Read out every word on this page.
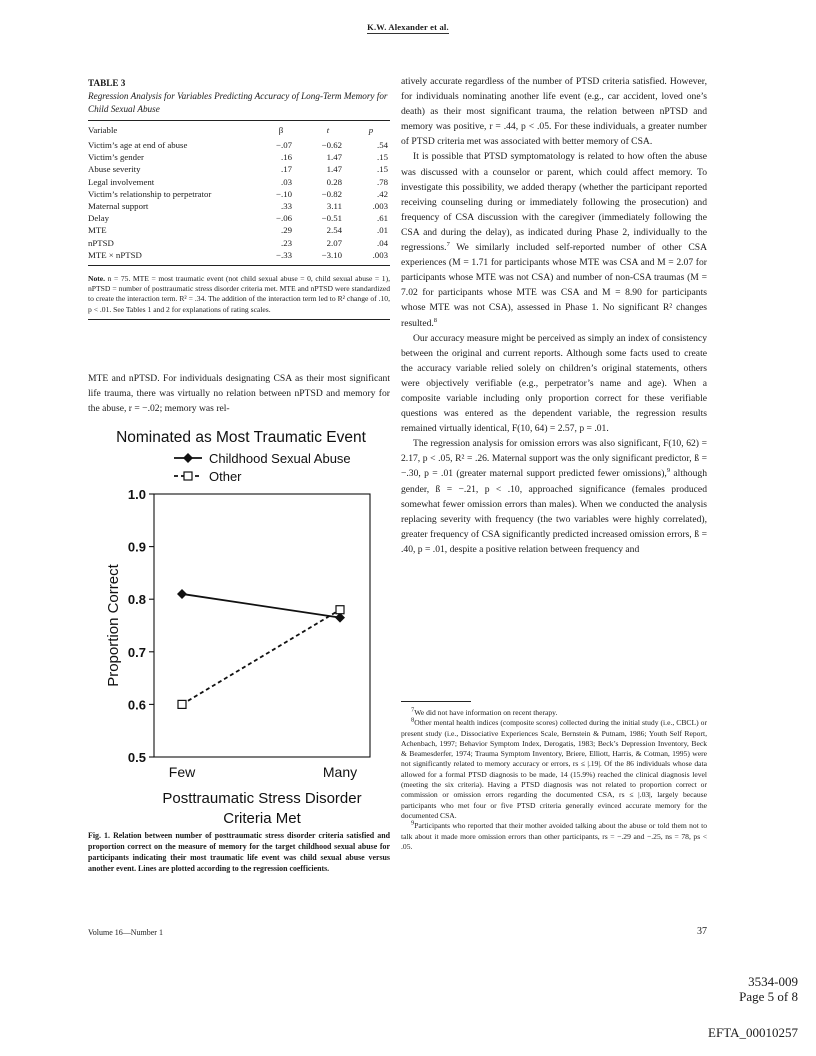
K.W. Alexander et al.
TABLE 3
Regression Analysis for Variables Predicting Accuracy of Long-Term Memory for Child Sexual Abuse
Variable	β	t	p
Victim’s age at end of abuse	−.07	−0.62	.54
Victim’s gender	.16	1.47	.15
Abuse severity	.17	1.47	.15
Legal involvement	.03	0.28	.78
Victim’s relationship to perpetrator	−.10	−0.82	.42
Maternal support	.33	3.11	.003
Delay	−.06	−0.51	.61
MTE	.29	2.54	.01
nPTSD	.23	2.07	.04
MTE × nPTSD	−.33	−3.10	.003
Note. n = 75. MTE = most traumatic event (not child sexual abuse = 0, child sexual abuse = 1), nPTSD = number of posttraumatic stress disorder criteria met. MTE and nPTSD were standardized to create the interaction term. R² = .34. The addition of the interaction term led to R² change of .10, p < .01. See Tables 1 and 2 for explanations of rating scales.
MTE and nPTSD. For individuals designating CSA as their most significant life trauma, there was virtually no relation between nPTSD and memory for the abuse, r = −.02; memory was rel-
Nominated as Most Traumatic Event
Childhood Sexual Abuse
Other
1.0
0.9
0.8
0.7
0.6
0.5
Few	Many
Proportion Correct
Posttraumatic Stress Disorder
Criteria Met
Fig. 1. Relation between number of posttraumatic stress disorder criteria satisfied and proportion correct on the measure of memory for the target childhood sexual abuse for participants indicating their most traumatic life event was child sexual abuse versus another event. Lines are plotted according to the regression coefficients.

atively accurate regardless of the number of PTSD criteria satisfied. However, for individuals nominating another life event (e.g., car accident, loved one’s death) as their most significant trauma, the relation between nPTSD and memory was positive, r = .44, p < .05. For these individuals, a greater number of PTSD criteria met was associated with better memory of CSA.

It is possible that PTSD symptomatology is related to how often the abuse was discussed with a counselor or parent, which could affect memory. To investigate this possibility, we added therapy (whether the participant reported receiving counseling during or immediately following the prosecution) and frequency of CSA discussion with the caregiver (immediately following the CSA and during the delay), as indicated during Phase 2, individually to the regressions.$^7$ We similarly included self-reported number of other CSA experiences (M = 1.71 for participants whose MTE was CSA and M = 2.07 for participants whose MTE was not CSA) and number of non-CSA traumas (M = 7.02 for participants whose MTE was CSA and M = 8.90 for participants whose MTE was not CSA), assessed in Phase 1. No significant R² changes resulted.$^8$

Our accuracy measure might be perceived as simply an index of consistency between the original and current reports. Although some facts used to create the accuracy variable relied solely on children’s original statements, others were objectively verifiable (e.g., perpetrator’s name and age). When a composite variable including only proportion correct for these verifiable questions was entered as the dependent variable, the regression results remained virtually identical, F(10, 64) = 2.57, p = .01.

The regression analysis for omission errors was also significant, F(10, 62) = 2.17, p < .05, R² = .26. Maternal support was the only significant predictor, ß = −.30, p = .01 (greater maternal support predicted fewer omissions),$^9$ although gender, ß = −.21, p < .10, approached significance (females produced somewhat fewer omission errors than males). When we conducted the analysis replacing severity with frequency (the two variables were highly correlated), greater frequency of CSA significantly predicted increased omission errors, ß = .40, p = .01, despite a positive relation between frequency and

$^7$We did not have information on recent therapy.

$^8$Other mental health indices (composite scores) collected during the initial study (i.e., CBCL) or present study (i.e., Dissociative Experiences Scale, Bernstein & Putnam, 1986; Youth Self Report, Achenbach, 1997; Behavior Symptom Index, Derogatis, 1983; Beck’s Depression Inventory, Beck & Beamesderfer, 1974; Trauma Symptom Inventory, Briere, Elliott, Harris, & Cotman, 1995) were not significantly related to memory accuracy or errors, rs ≤ |.19|. Of the 86 individuals whose data allowed for a formal PTSD diagnosis to be made, 14 (15.9%) reached the clinical diagnosis level (meeting the six criteria). Having a PTSD diagnosis was not related to proportion correct or commission or omission errors regarding the documented CSA, rs ≤ |.03|, largely because participants who met four or five PTSD criteria generally evinced accurate memory for the documented CSA.

$^9$Participants who reported that their mother avoided talking about the abuse or told them not to talk about it made more omission errors than other participants, rs = −.29 and −.25, ns = 78, ps < .05.

Volume 16—Number 1	37
3534-009
Page 5 of 8
EFTA_00010257
